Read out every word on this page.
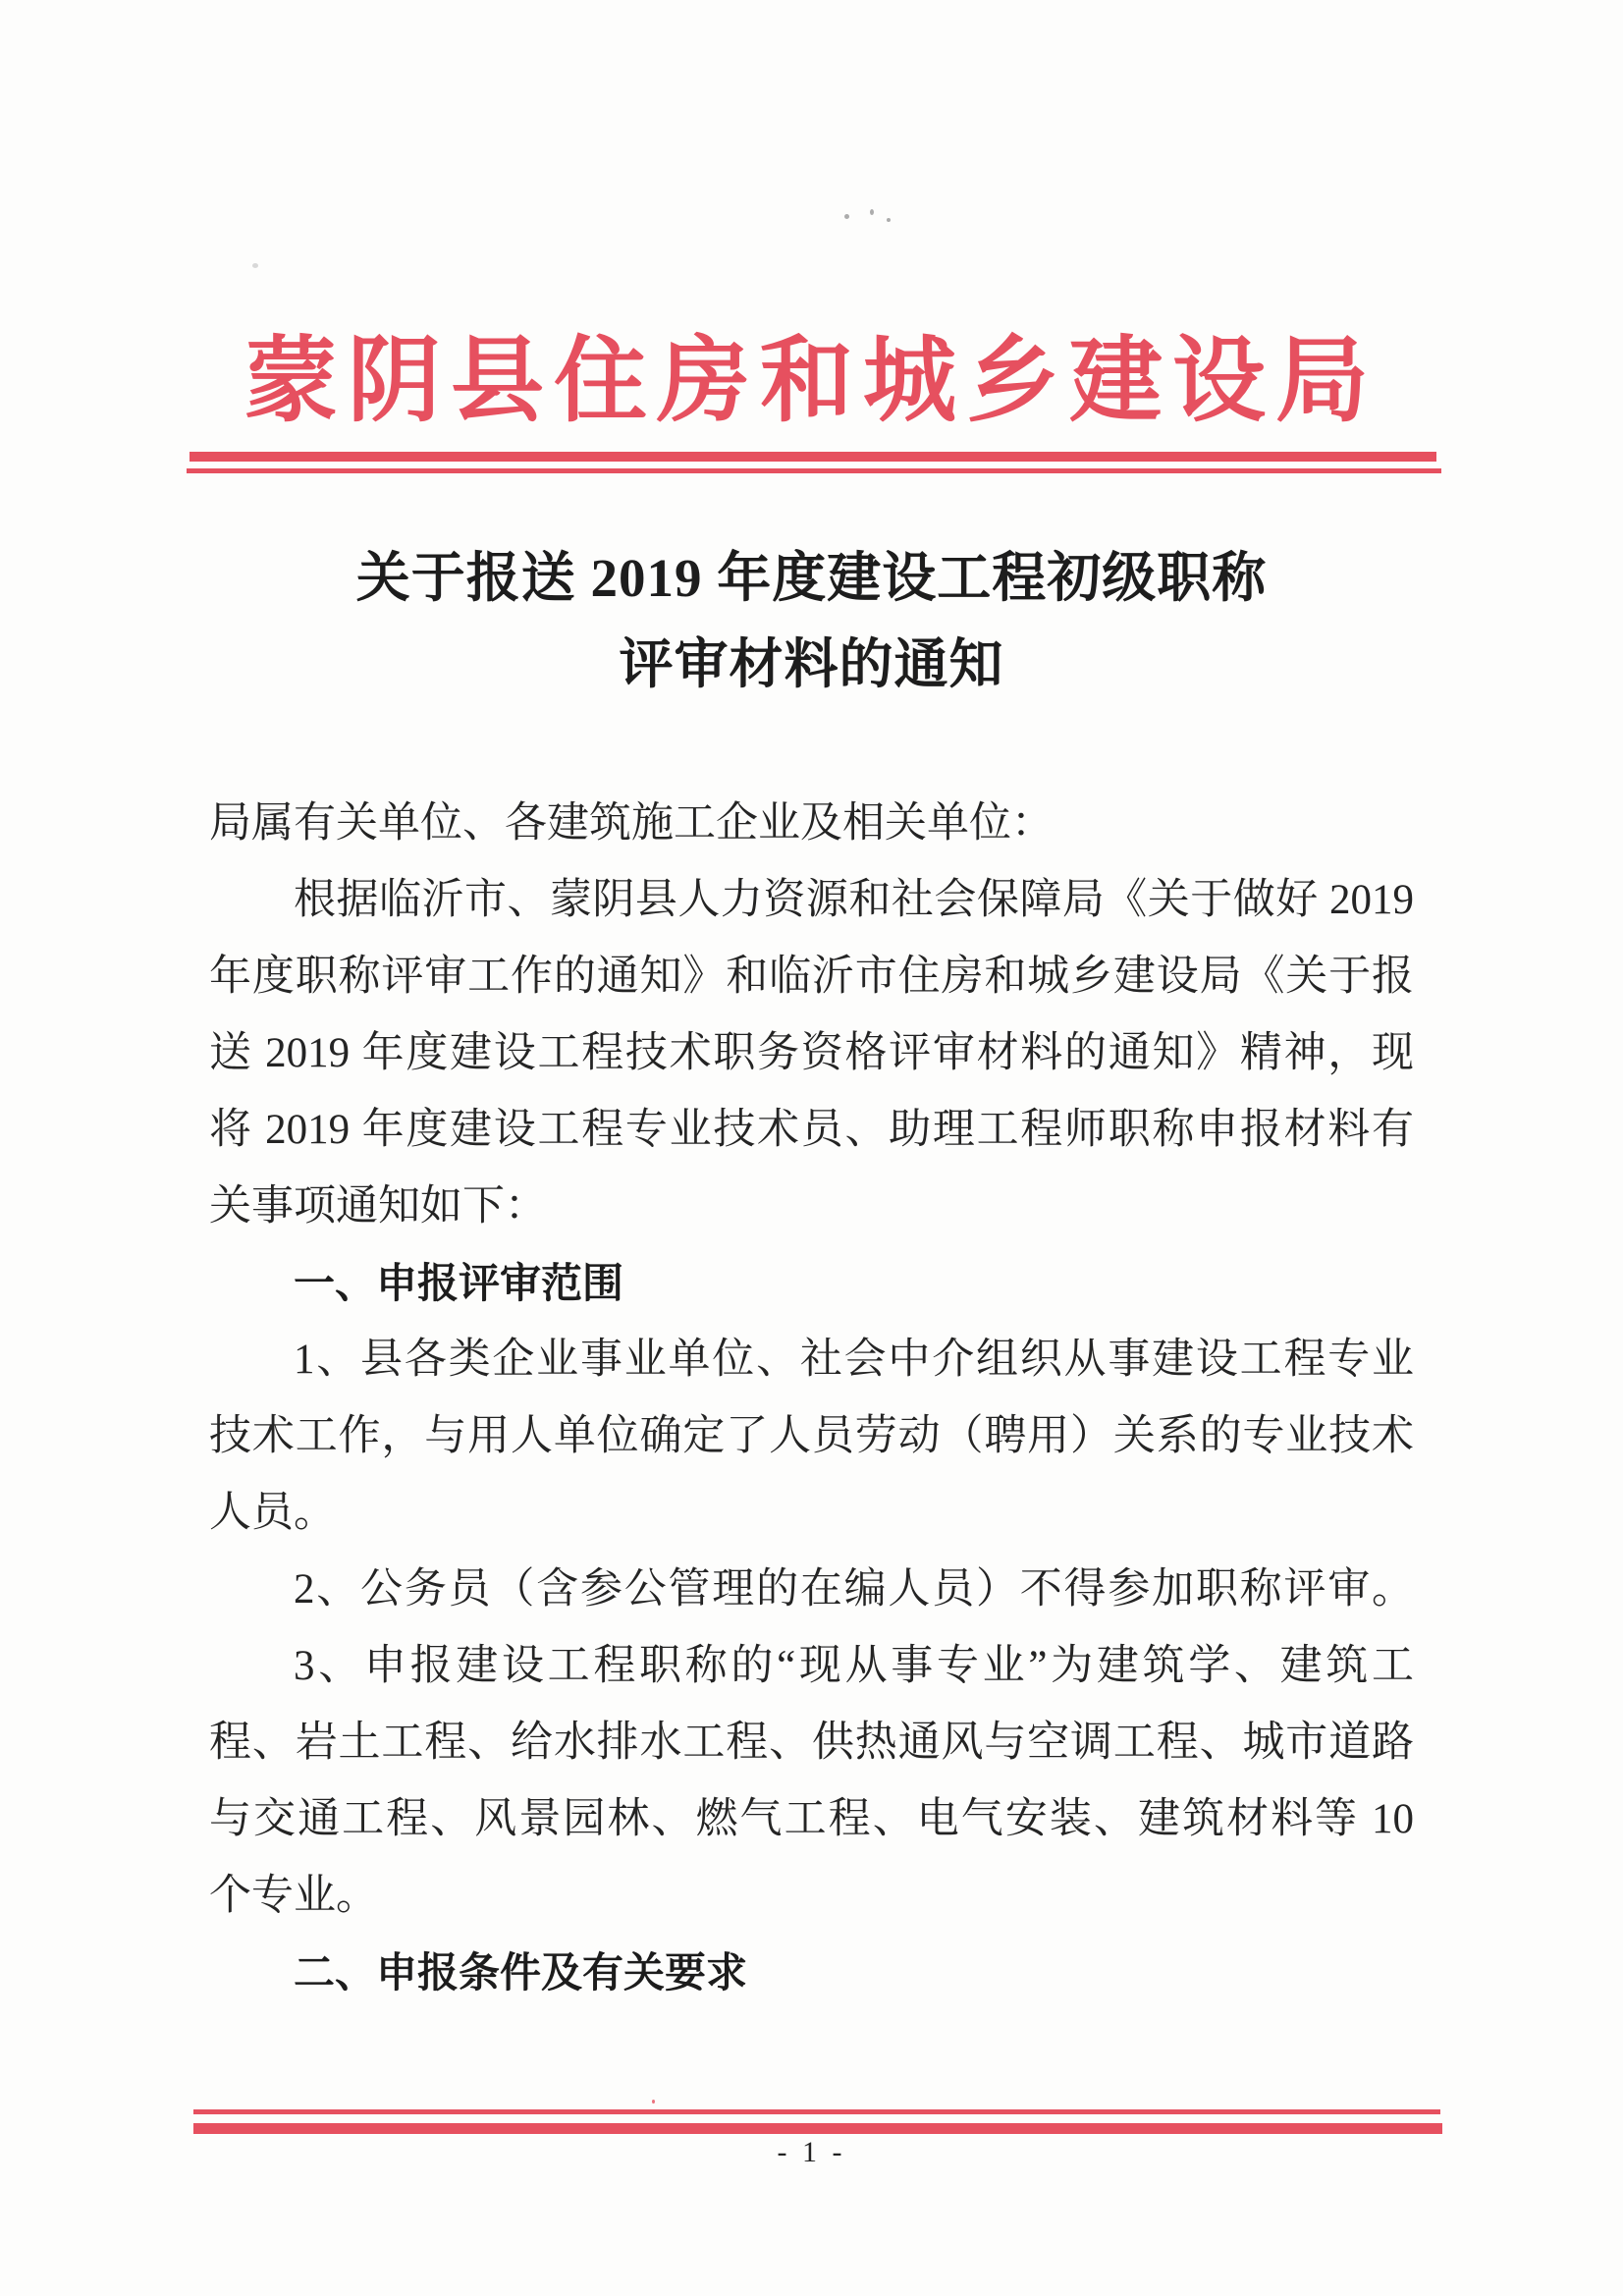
蒙阴县住房和城乡建设局
关于报送 2019 年度建设工程初级职称
评审材料的通知
局属有关单位、各建筑施工企业及相关单位：
根据临沂市、蒙阴县人力资源和社会保障局《关于做好 2019
年度职称评审工作的通知》和临沂市住房和城乡建设局《关于报
送 2019 年度建设工程技术职务资格评审材料的通知》精神，现
将 2019 年度建设工程专业技术员、助理工程师职称申报材料有
关事项通知如下：
一、申报评审范围
1、县各类企业事业单位、社会中介组织从事建设工程专业
技术工作，与用人单位确定了人员劳动（聘用）关系的专业技术
人员。
2、公务员（含参公管理的在编人员）不得参加职称评审。
3、申报建设工程职称的“现从事专业”为建筑学、建筑工
程、岩土工程、给水排水工程、供热通风与空调工程、城市道路
与交通工程、风景园林、燃气工程、电气安装、建筑材料等 10
个专业。
二、申报条件及有关要求
- 1 -
